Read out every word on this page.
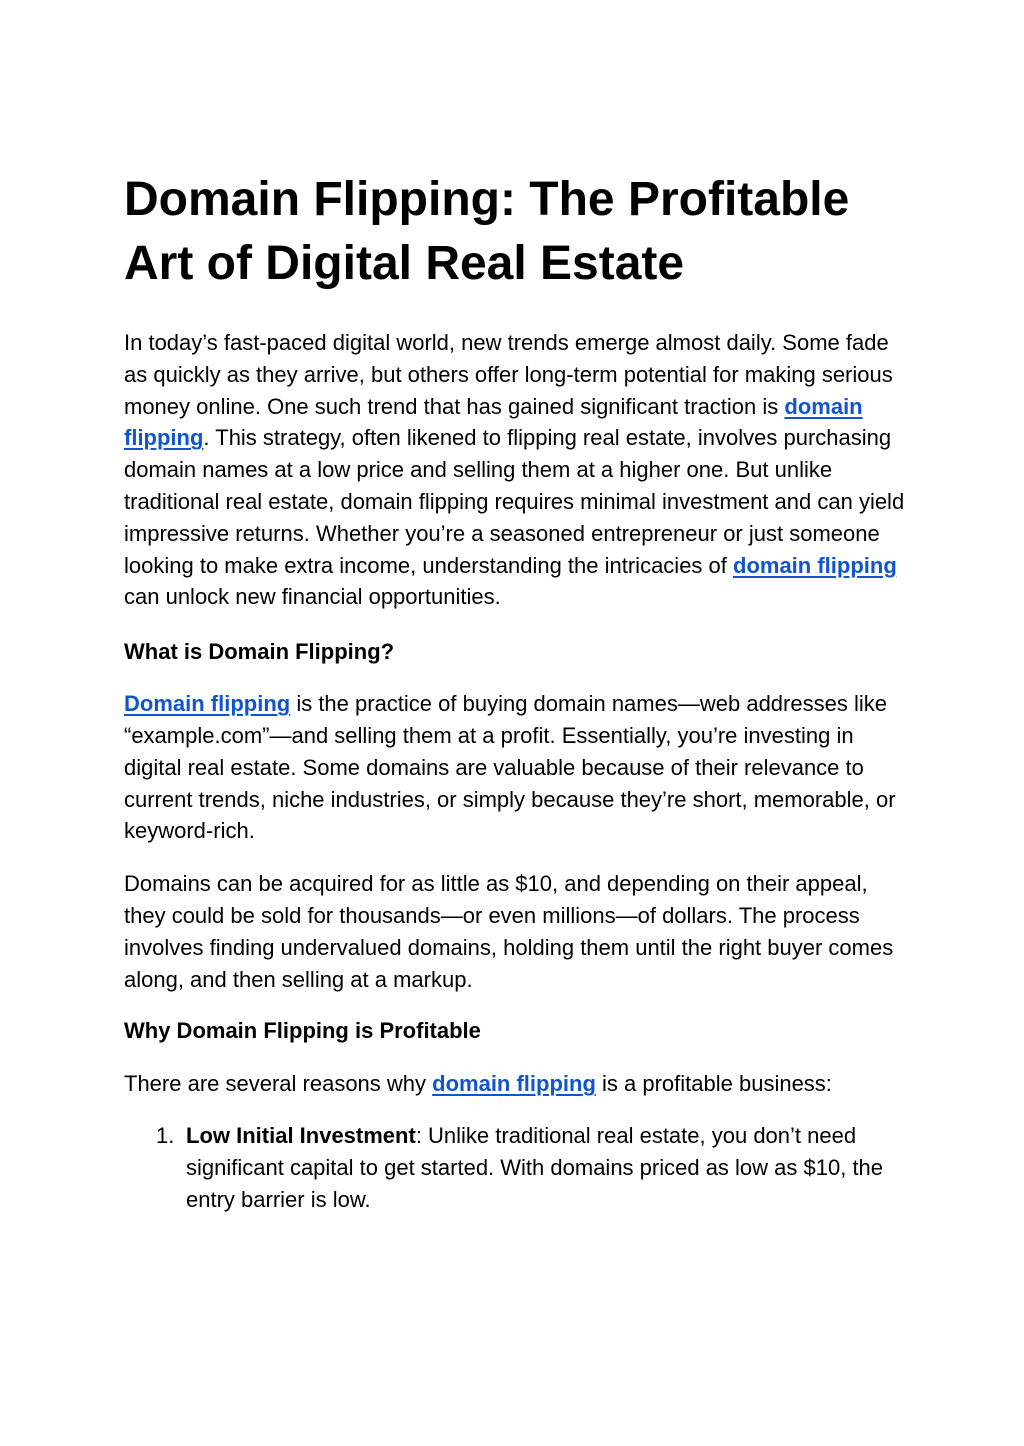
Domain Flipping: The Profitable Art of Digital Real Estate

In today’s fast-paced digital world, new trends emerge almost daily. Some fade as quickly as they arrive, but others offer long-term potential for making serious money online. One such trend that has gained significant traction is domain flipping. This strategy, often likened to flipping real estate, involves purchasing domain names at a low price and selling them at a higher one. But unlike traditional real estate, domain flipping requires minimal investment and can yield impressive returns. Whether you’re a seasoned entrepreneur or just someone looking to make extra income, understanding the intricacies of domain flipping can unlock new financial opportunities.

What is Domain Flipping?

Domain flipping is the practice of buying domain names—web addresses like “example.com”—and selling them at a profit. Essentially, you’re investing in digital real estate. Some domains are valuable because of their relevance to current trends, niche industries, or simply because they’re short, memorable, or keyword-rich.

Domains can be acquired for as little as $10, and depending on their appeal, they could be sold for thousands—or even millions—of dollars. The process involves finding undervalued domains, holding them until the right buyer comes along, and then selling at a markup.

Why Domain Flipping is Profitable

There are several reasons why domain flipping is a profitable business:

1. Low Initial Investment: Unlike traditional real estate, you don’t need significant capital to get started. With domains priced as low as $10, the entry barrier is low.
